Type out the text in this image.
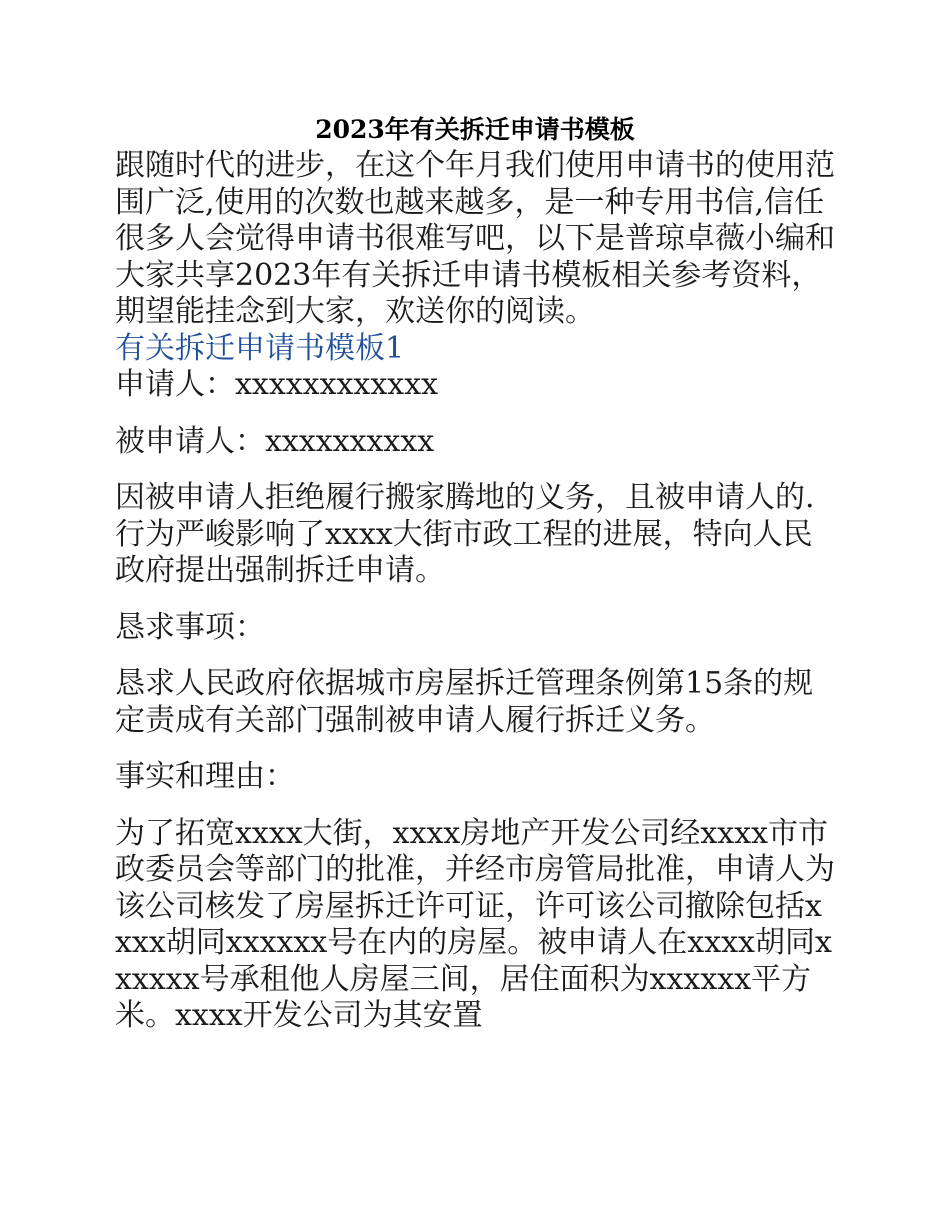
2023年有关拆迁申请书模板

跟随时代的进步，在这个年月我们使用申请书的使用范围广泛,使用的次数也越来越多，是一种专用书信,信任很多人会觉得申请书很难写吧，以下是普琼卓薇小编和大家共享2023年有关拆迁申请书模板相关参考资料，期望能挂念到大家，欢送你的阅读。

有关拆迁申请书模板1

申请人：xxxxxxxxxxxx

被申请人：xxxxxxxxxx

因被申请人拒绝履行搬家腾地的义务，且被申请人的.行为严峻影响了xxxx大街市政工程的进展，特向人民政府提出强制拆迁申请。

恳求事项：

恳求人民政府依据城市房屋拆迁管理条例第15条的规定责成有关部门强制被申请人履行拆迁义务。

事实和理由：

为了拓宽xxxx大街，xxxx房地产开发公司经xxxx市市政委员会等部门的批准，并经市房管局批准，申请人为该公司核发了房屋拆迁许可证，许可该公司撤除包括xxxx胡同xxxxxx号在内的房屋。被申请人在xxxx胡同xxxxxx号承租他人房屋三间，居住面积为xxxxxx平方米。xxxx开发公司为其安置
